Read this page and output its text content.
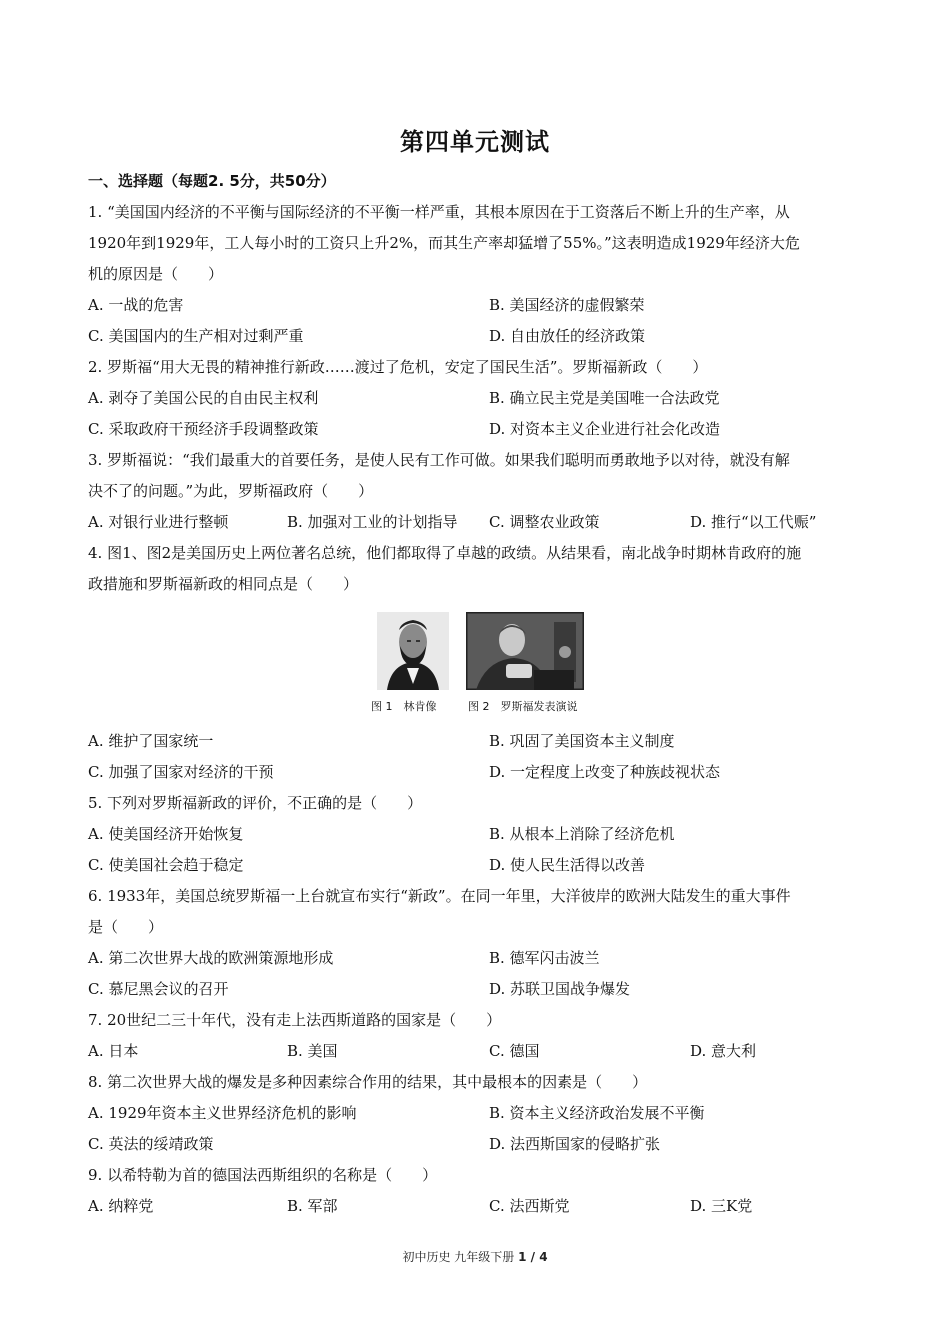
第四单元测试
一、选择题（每题2. 5分，共50分）
1. “美国国内经济的不平衡与国际经济的不平衡一样严重，其根本原因在于工资落后不断上升的生产率，从
1920年到1929年，工人每小时的工资只上升2%，而其生产率却猛增了55%。”这表明造成1929年经济大危
机的原因是（　　）
A. 一战的危害	B. 美国经济的虚假繁荣
C. 美国国内的生产相对过剩严重	D. 自由放任的经济政策
2. 罗斯福“用大无畏的精神推行新政……渡过了危机，安定了国民生活”。罗斯福新政（　　）
A. 剥夺了美国公民的自由民主权利	B. 确立民主党是美国唯一合法政党
C. 采取政府干预经济手段调整政策	D. 对资本主义企业进行社会化改造
3. 罗斯福说：“我们最重大的首要任务，是使人民有工作可做。如果我们聪明而勇敢地予以对待，就没有解
决不了的问题。”为此，罗斯福政府（　　）
A. 对银行业进行整顿	B. 加强对工业的计划指导 C. 调整农业政策	D. 推行“以工代赈”
4. 图1、图2是美国历史上两位著名总统，他们都取得了卓越的政绩。从结果看，南北战争时期林肯政府的施
政措施和罗斯福新政的相同点是（　　）
图 1　林肯像	图 2　罗斯福发表演说
A. 维护了国家统一	B. 巩固了美国资本主义制度
C. 加强了国家对经济的干预	D. 一定程度上改变了种族歧视状态
5. 下列对罗斯福新政的评价，不正确的是（　　）
A. 使美国经济开始恢复	B. 从根本上消除了经济危机
C. 使美国社会趋于稳定	D. 使人民生活得以改善
6. 1933年，美国总统罗斯福一上台就宣布实行“新政”。在同一年里，大洋彼岸的欧洲大陆发生的重大事件
是（　　）
A. 第二次世界大战的欧洲策源地形成	B. 德军闪击波兰
C. 慕尼黑会议的召开	D. 苏联卫国战争爆发
7. 20世纪二三十年代，没有走上法西斯道路的国家是（　　）
A. 日本	B. 美国	C. 德国	D. 意大利
8. 第二次世界大战的爆发是多种因素综合作用的结果，其中最根本的因素是（　　）
A. 1929年资本主义世界经济危机的影响	B. 资本主义经济政治发展不平衡
C. 英法的绥靖政策	D. 法西斯国家的侵略扩张
9. 以希特勒为首的德国法西斯组织的名称是（　　）
A. 纳粹党	B. 军部	C. 法西斯党	D. 三K党
初中历史 九年级下册 1 / 4
